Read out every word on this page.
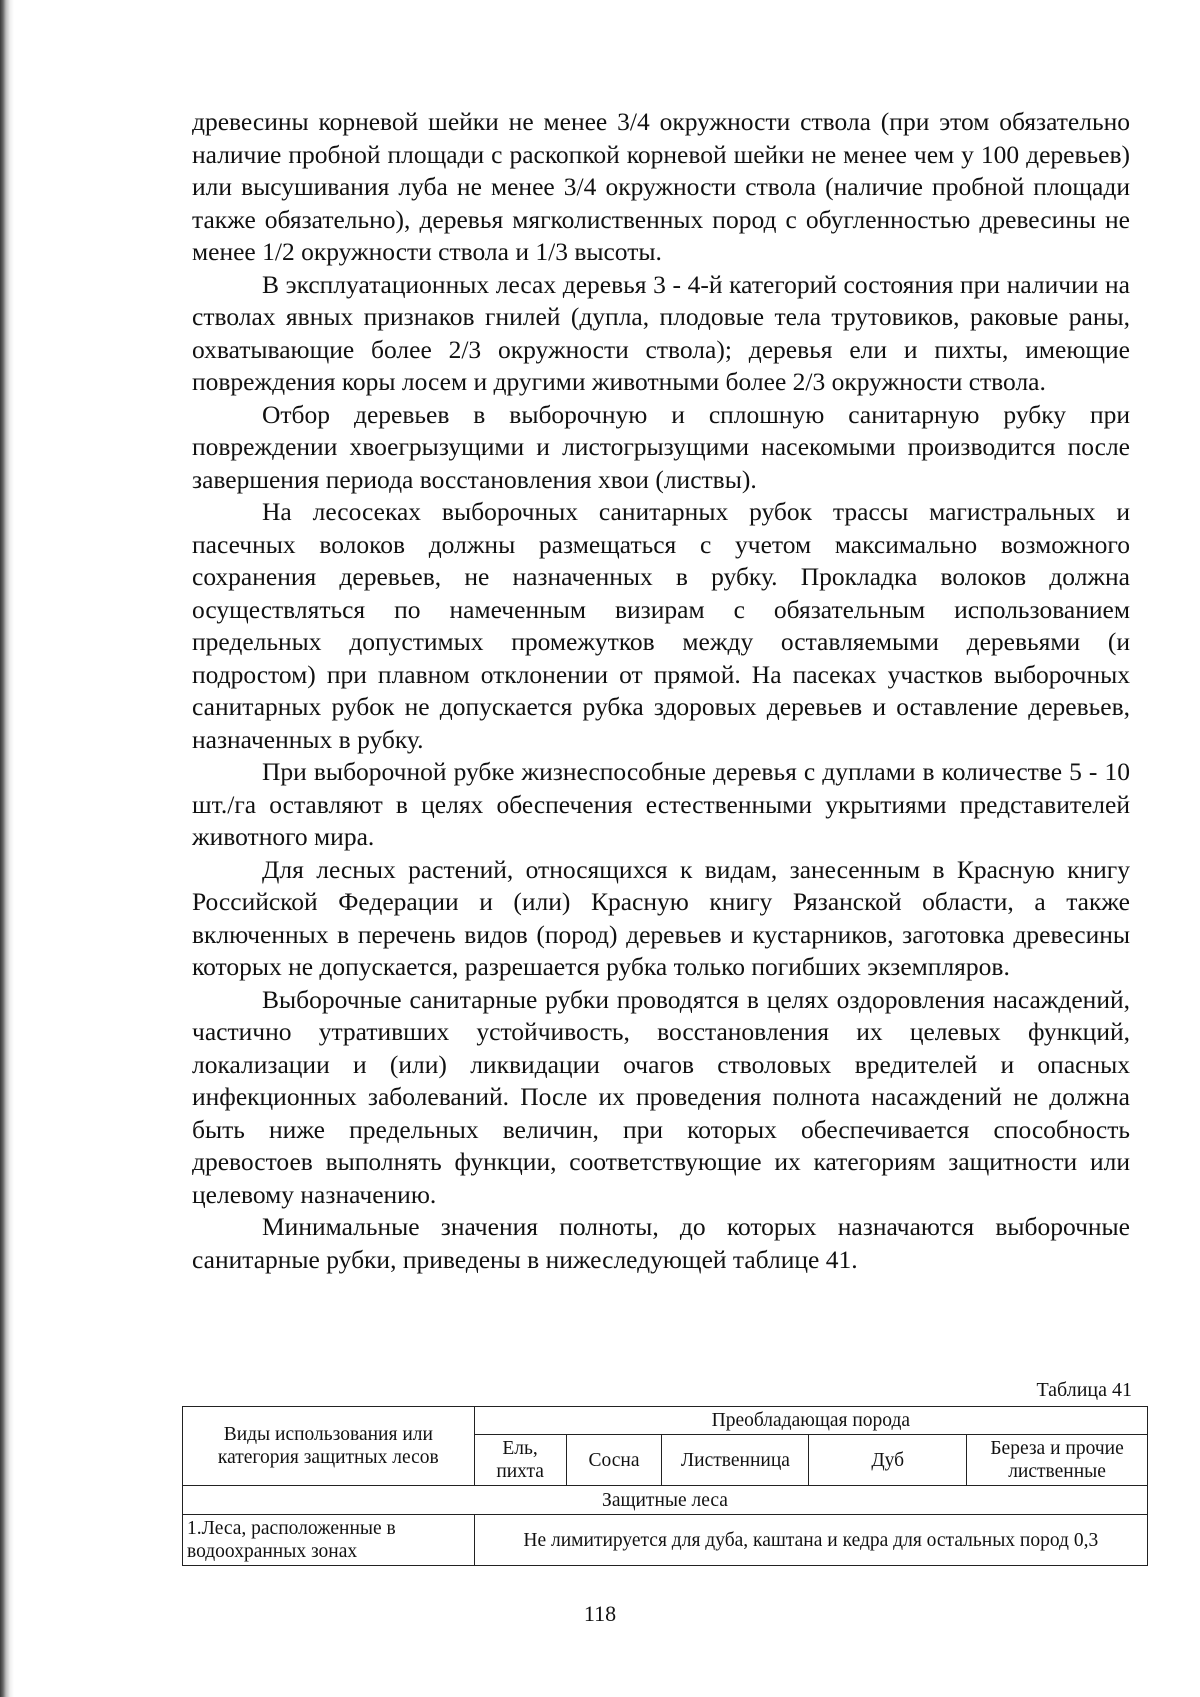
древесины корневой шейки не менее 3/4 окружности ствола (при этом обязательно наличие пробной площади с раскопкой корневой шейки не менее чем у 100 деревьев) или высушивания луба не менее 3/4 окружности ствола (наличие пробной площади также обязательно), деревья мягколиственных пород с обугленностью древесины не менее 1/2 окружности ствола и 1/3 высоты.

В эксплуатационных лесах деревья 3 - 4-й категорий состояния при наличии на стволах явных признаков гнилей (дупла, плодовые тела трутовиков, раковые раны, охватывающие более 2/3 окружности ствола); деревья ели и пихты, имеющие повреждения коры лосем и другими животными более 2/3 окружности ствола.

Отбор деревьев в выборочную и сплошную санитарную рубку при повреждении хвоегрызущими и листогрызущими насекомыми производится после завершения периода восстановления хвои (листвы).

На лесосеках выборочных санитарных рубок трассы магистральных и пасечных волоков должны размещаться с учетом максимально возможного сохранения деревьев, не назначенных в рубку. Прокладка волоков должна осуществляться по намеченным визирам с обязательным использованием предельных допустимых промежутков между оставляемыми деревьями (и подростом) при плавном отклонении от прямой. На пасеках участков выборочных санитарных рубок не допускается рубка здоровых деревьев и оставление деревьев, назначенных в рубку.

При выборочной рубке жизнеспособные деревья с дуплами в количестве 5 - 10 шт./га оставляют в целях обеспечения естественными укрытиями представителей животного мира.

Для лесных растений, относящихся к видам, занесенным в Красную книгу Российской Федерации и (или) Красную книгу Рязанской области, а также включенных в перечень видов (пород) деревьев и кустарников, заготовка древесины которых не допускается, разрешается рубка только погибших экземпляров.

Выборочные санитарные рубки проводятся в целях оздоровления насаждений, частично утративших устойчивость, восстановления их целевых функций, локализации и (или) ликвидации очагов стволовых вредителей и опасных инфекционных заболеваний. После их проведения полнота насаждений не должна быть ниже предельных величин, при которых обеспечивается способность древостоев выполнять функции, соответствующие их категориям защитности или целевому назначению.

Минимальные значения полноты, до которых назначаются выборочные санитарные рубки, приведены в нижеследующей таблице 41.

Таблица 41
Виды использования или категория защитных лесов	Преобладающая порода				
	Ель, пихта	Сосна	Лиственница	Дуб	Береза и прочие лиственные
Защитные леса					
1.Леса, расположенные в водоохранных зонах	Не лимитируется для дуба, каштана и кедра для остальных пород 0,3				
118
